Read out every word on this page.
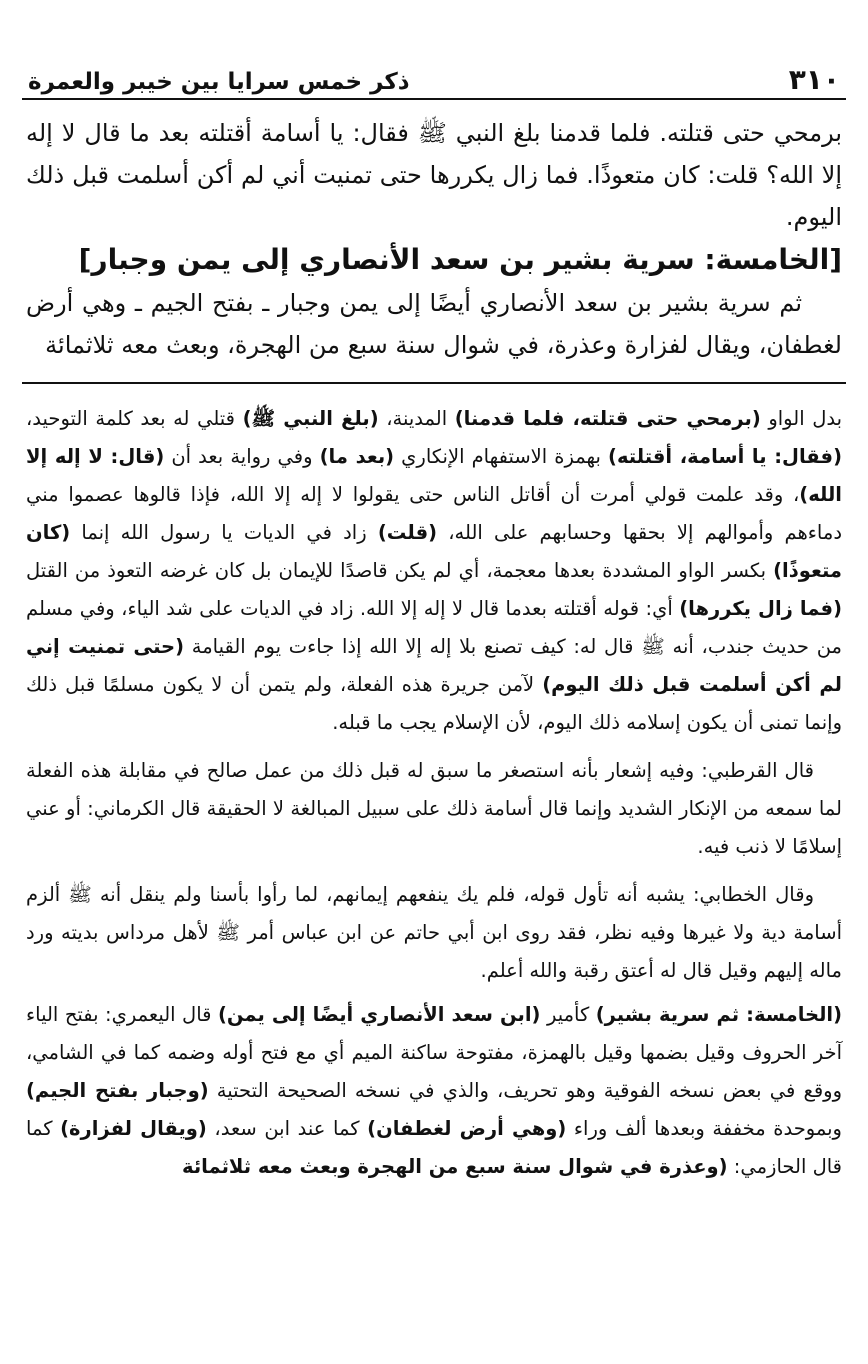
٣١٠
ذكر خمس سرايا بين خيبر والعمرة

برمحي حتى قتلته. فلما قدمنا بلغ النبي ﷺ فقال: يا أسامة أقتلته بعد ما قال لا إله إلا الله؟ قلت: كان متعوذًا. فما زال يكررها حتى تمنيت أني لم أكن أسلمت قبل ذلك اليوم.

[الخامسة: سرية بشير بن سعد الأنصاري إلى يمن وجبار]

ثم سرية بشير بن سعد الأنصاري أيضًا إلى يمن وجبار ـ بفتح الجيم ـ وهي أرض لغطفان، ويقال لفزارة وعذرة، في شوال سنة سبع من الهجرة، وبعث معه ثلاثمائة

بدل الواو (برمحي حتى قتلته، فلما قدمنا) المدينة، (بلغ النبي ﷺ) قتلي له بعد كلمة التوحيد، (فقال: يا أسامة، أقتلته) بهمزة الاستفهام الإنكاري (بعد ما) وفي رواية بعد أن (قال: لا إله إلا الله)، وقد علمت قولي أمرت أن أقاتل الناس حتى يقولوا لا إله إلا الله، فإذا قالوها عصموا مني دماءهم وأموالهم إلا بحقها وحسابهم على الله، (قلت) زاد في الديات يا رسول الله إنما (كان متعوذًا) بكسر الواو المشددة بعدها معجمة، أي لم يكن قاصدًا للإيمان بل كان غرضه التعوذ من القتل (فما زال يكررها) أي: قوله أقتلته بعدما قال لا إله إلا الله. زاد في الديات على شد الياء، وفي مسلم من حديث جندب، أنه ﷺ قال له: كيف تصنع بلا إله إلا الله إذا جاءت يوم القيامة (حتى تمنيت إني لم أكن أسلمت قبل ذلك اليوم) لآمن جريرة هذه الفعلة، ولم يتمن أن لا يكون مسلمًا قبل ذلك وإنما تمنى أن يكون إسلامه ذلك اليوم، لأن الإسلام يجب ما قبله.

قال القرطبي: وفيه إشعار بأنه استصغر ما سبق له قبل ذلك من عمل صالح في مقابلة هذه الفعلة لما سمعه من الإنكار الشديد وإنما قال أسامة ذلك على سبيل المبالغة لا الحقيقة قال الكرماني: أو عني إسلامًا لا ذنب فيه.

وقال الخطابي: يشبه أنه تأول قوله، فلم يك ينفعهم إيمانهم، لما رأوا بأسنا ولم ينقل أنه ﷺ ألزم أسامة دية ولا غيرها وفيه نظر، فقد روى ابن أبي حاتم عن ابن عباس أمر ﷺ لأهل مرداس بديته ورد ماله إليهم وقيل قال له أعتق رقبة والله أعلم.

(الخامسة: ثم سرية بشير) كأمير (ابن سعد الأنصاري أيضًا إلى يمن) قال اليعمري: بفتح الياء آخر الحروف وقيل بضمها وقيل بالهمزة، مفتوحة ساكنة الميم أي مع فتح أوله وضمه كما في الشامي، ووقع في بعض نسخه الفوقية وهو تحريف، والذي في نسخه الصحيحة التحتية (وجبار بفتح الجيم) وبموحدة مخففة وبعدها ألف وراء (وهي أرض لغطفان) كما عند ابن سعد، (ويقال لفزارة) كما قال الحازمي: (وعذرة في شوال سنة سبع من الهجرة وبعث معه ثلاثمائة
